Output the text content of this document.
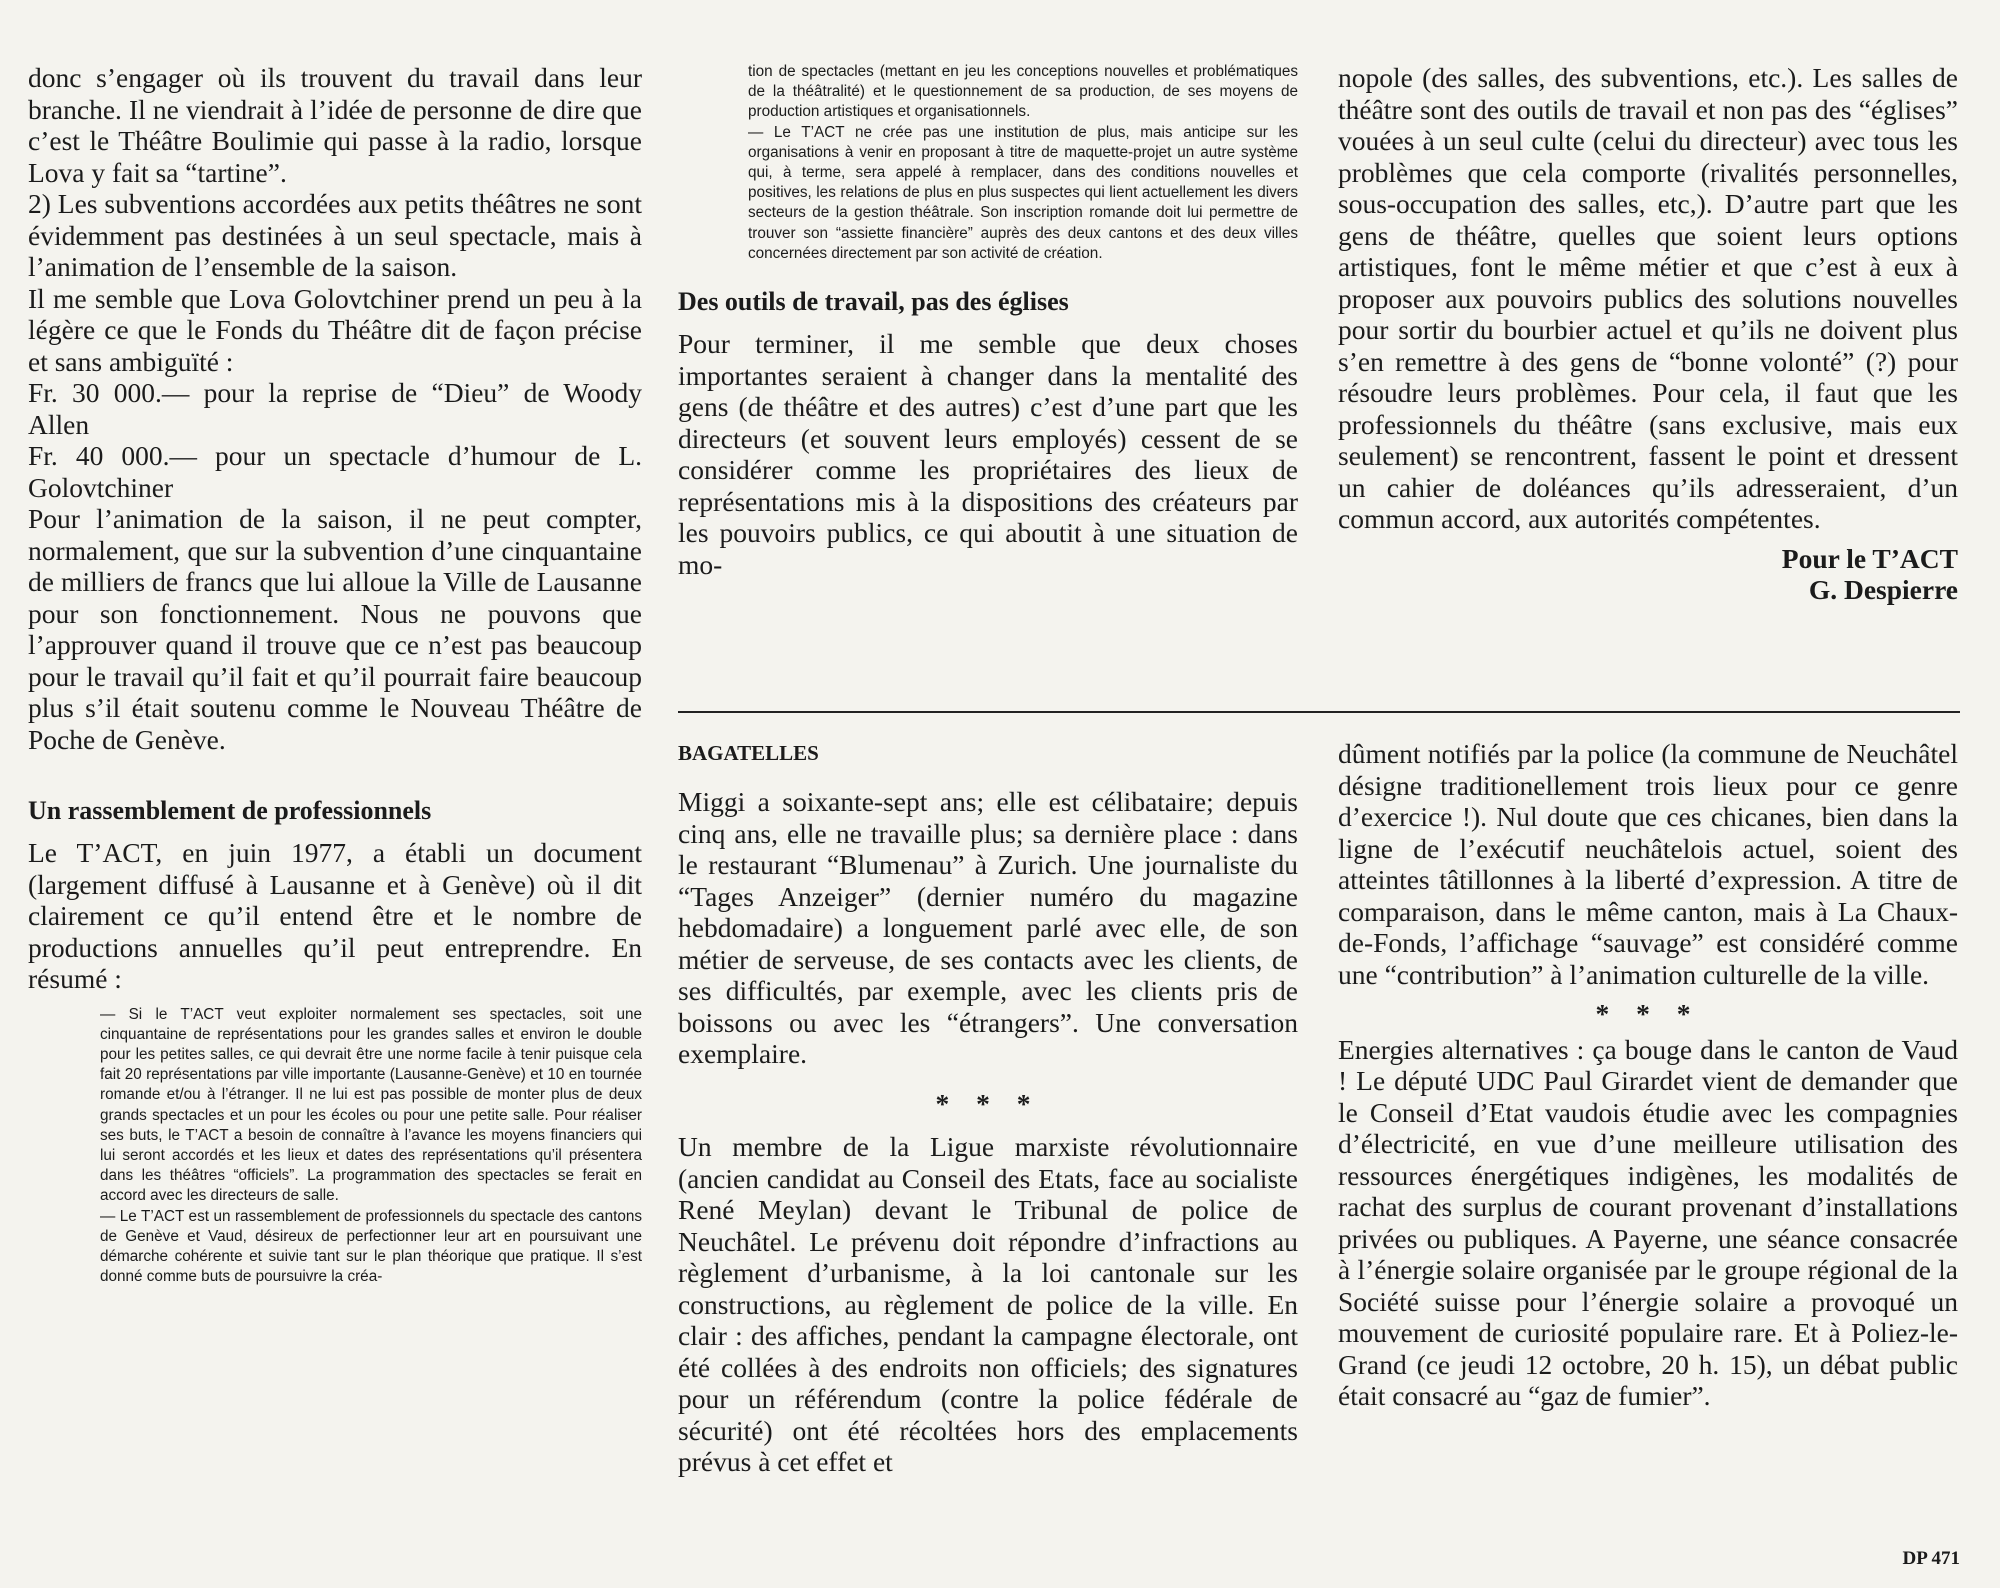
donc s’engager où ils trouvent du travail dans leur branche. Il ne viendrait à l’idée de personne de dire que c’est le Théâtre Boulimie qui passe à la radio, lorsque Lova y fait sa “tartine”.

2) Les subventions accordées aux petits théâtres ne sont évidemment pas destinées à un seul spectacle, mais à l’animation de l’ensemble de la saison.

Il me semble que Lova Golovtchiner prend un peu à la légère ce que le Fonds du Théâtre dit de façon précise et sans ambiguïté :

Fr. 30 000.— pour la reprise de “Dieu” de Woody Allen

Fr. 40 000.— pour un spectacle d’humour de L. Golovtchiner

Pour l’animation de la saison, il ne peut compter, normalement, que sur la subvention d’une cinquantaine de milliers de francs que lui alloue la Ville de Lausanne pour son fonctionnement. Nous ne pouvons que l’approuver quand il trouve que ce n’est pas beaucoup pour le travail qu’il fait et qu’il pourrait faire beaucoup plus s’il était soutenu comme le Nouveau Théâtre de Poche de Genève.

Un rassemblement de professionnels

Le T’ACT, en juin 1977, a établi un document (largement diffusé à Lausanne et à Genève) où il dit clairement ce qu’il entend être et le nombre de productions annuelles qu’il peut entreprendre. En résumé :

— Si le T’ACT veut exploiter normalement ses spectacles, soit une cinquantaine de représentations pour les grandes salles et environ le double pour les petites salles, ce qui devrait être une norme facile à tenir puisque cela fait 20 représentations par ville importante (Lausanne-Genève) et 10 en tournée romande et/ou à l’étranger. Il ne lui est pas possible de monter plus de deux grands spectacles et un pour les écoles ou pour une petite salle. Pour réaliser ses buts, le T’ACT a besoin de connaître à l’avance les moyens financiers qui lui seront accordés et les lieux et dates des représentations qu’il présentera dans les théâtres “officiels”. La programmation des spectacles se ferait en accord avec les directeurs de salle.

— Le T’ACT est un rassemblement de professionnels du spectacle des cantons de Genève et Vaud, désireux de perfectionner leur art en poursuivant une démarche cohérente et suivie tant sur le plan théorique que pratique. Il s’est donné comme buts de poursuivre la créa-

tion de spectacles (mettant en jeu les conceptions nouvelles et problématiques de la théâtralité) et le questionnement de sa production, de ses moyens de production artistiques et organisationnels.

— Le T’ACT ne crée pas une institution de plus, mais anticipe sur les organisations à venir en proposant à titre de maquette-projet un autre système qui, à terme, sera appelé à remplacer, dans des conditions nouvelles et positives, les relations de plus en plus suspectes qui lient actuellement les divers secteurs de la gestion théâtrale. Son inscription romande doit lui permettre de trouver son “assiette financière” auprès des deux cantons et des deux villes concernées directement par son activité de création.

Des outils de travail, pas des églises

Pour terminer, il me semble que deux choses importantes seraient à changer dans la mentalité des gens (de théâtre et des autres) c’est d’une part que les directeurs (et souvent leurs employés) cessent de se considérer comme les propriétaires des lieux de représentations mis à la dispositions des créateurs par les pouvoirs publics, ce qui aboutit à une situation de mo-

nopole (des salles, des subventions, etc.). Les salles de théâtre sont des outils de travail et non pas des “églises” vouées à un seul culte (celui du directeur) avec tous les problèmes que cela comporte (rivalités personnelles, sous-occupation des salles, etc,). D’autre part que les gens de théâtre, quelles que soient leurs options artistiques, font le même métier et que c’est à eux à proposer aux pouvoirs publics des solutions nouvelles pour sortir du bourbier actuel et qu’ils ne doivent plus s’en remettre à des gens de “bonne volonté” (?) pour résoudre leurs problèmes. Pour cela, il faut que les professionnels du théâtre (sans exclusive, mais eux seulement) se rencontrent, fassent le point et dressent un cahier de doléances qu’ils adresseraient, d’un commun accord, aux autorités compétentes.

Pour le T’ACT
G. Despierre
BAGATELLES

Miggi a soixante-sept ans; elle est célibataire; depuis cinq ans, elle ne travaille plus; sa dernière place : dans le restaurant “Blumenau” à Zurich. Une journaliste du “Tages Anzeiger” (dernier numéro du magazine hebdomadaire) a longuement parlé avec elle, de son métier de serveuse, de ses contacts avec les clients, de ses difficultés, par exemple, avec les clients pris de boissons ou avec les “étrangers”. Une conversation exemplaire.

* * *

Un membre de la Ligue marxiste révolutionnaire (ancien candidat au Conseil des Etats, face au socialiste René Meylan) devant le Tribunal de police de Neuchâtel. Le prévenu doit répondre d’infractions au règlement d’urbanisme, à la loi cantonale sur les constructions, au règlement de police de la ville. En clair : des affiches, pendant la campagne électorale, ont été collées à des endroits non officiels; des signatures pour un référendum (contre la police fédérale de sécurité) ont été récoltées hors des emplacements prévus à cet effet et

dûment notifiés par la police (la commune de Neuchâtel désigne traditionellement trois lieux pour ce genre d’exercice !). Nul doute que ces chicanes, bien dans la ligne de l’exécutif neuchâtelois actuel, soient des atteintes tâtillonnes à la liberté d’expression. A titre de comparaison, dans le même canton, mais à La Chaux-de-Fonds, l’affichage “sauvage” est considéré comme une “contribution” à l’animation culturelle de la ville.

* * *

Energies alternatives : ça bouge dans le canton de Vaud ! Le député UDC Paul Girardet vient de demander que le Conseil d’Etat vaudois étudie avec les compagnies d’électricité, en vue d’une meilleure utilisation des ressources énergétiques indigènes, les modalités de rachat des surplus de courant provenant d’installations privées ou publiques. A Payerne, une séance consacrée à l’énergie solaire organisée par le groupe régional de la Société suisse pour l’énergie solaire a provoqué un mouvement de curiosité populaire rare. Et à Poliez-le-Grand (ce jeudi 12 octobre, 20 h. 15), un débat public était consacré au “gaz de fumier”.

DP 471
